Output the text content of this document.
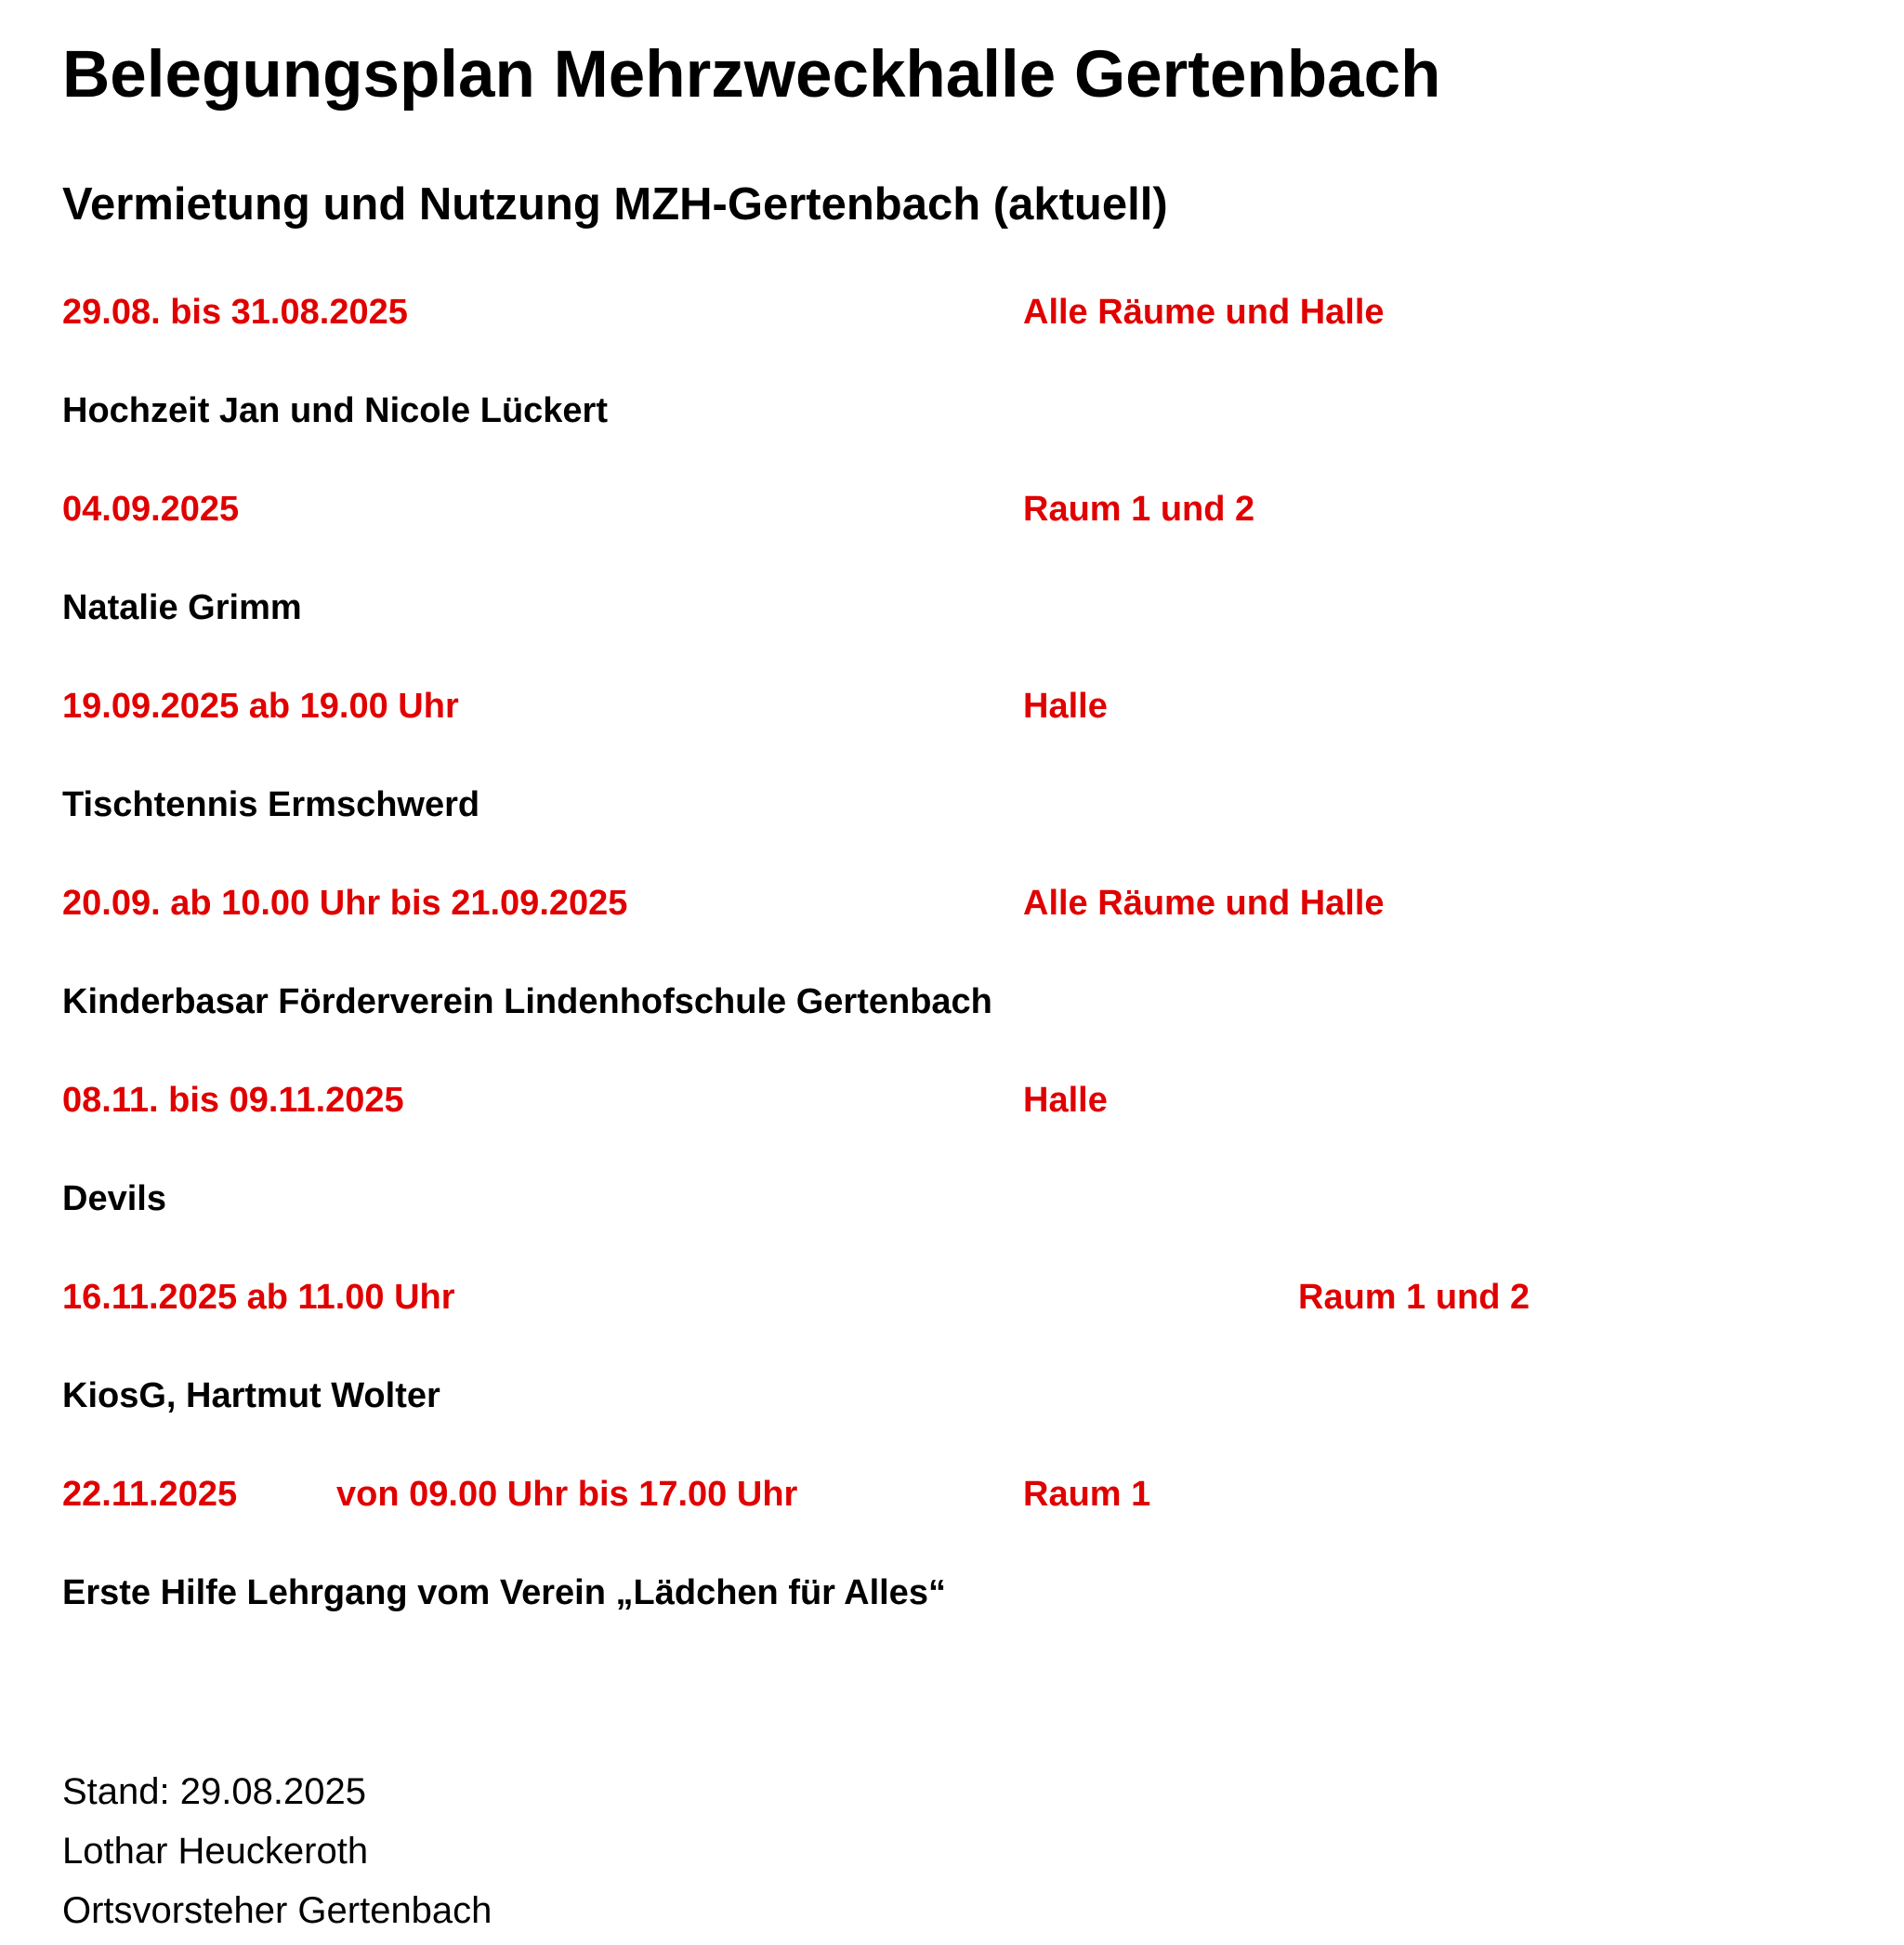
Belegungsplan Mehrzweckhalle Gertenbach
Vermietung und Nutzung MZH-Gertenbach (aktuell)
29.08. bis 31.08.2025	Alle Räume und Halle
Hochzeit Jan und Nicole Lückert
04.09.2025	Raum 1 und 2
Natalie Grimm
19.09.2025 ab 19.00 Uhr	Halle
Tischtennis Ermschwerd
20.09. ab 10.00 Uhr bis 21.09.2025	Alle Räume und Halle
Kinderbasar Förderverein Lindenhofschule Gertenbach
08.11. bis 09.11.2025	Halle
Devils
16.11.2025 ab 11.00 Uhr	Raum 1 und 2
KiosG, Hartmut Wolter
22.11.2025	von 09.00 Uhr bis 17.00 Uhr	Raum 1
Erste Hilfe Lehrgang vom Verein „Lädchen für Alles“
Stand: 29.08.2025
Lothar Heuckeroth
Ortsvorsteher Gertenbach
